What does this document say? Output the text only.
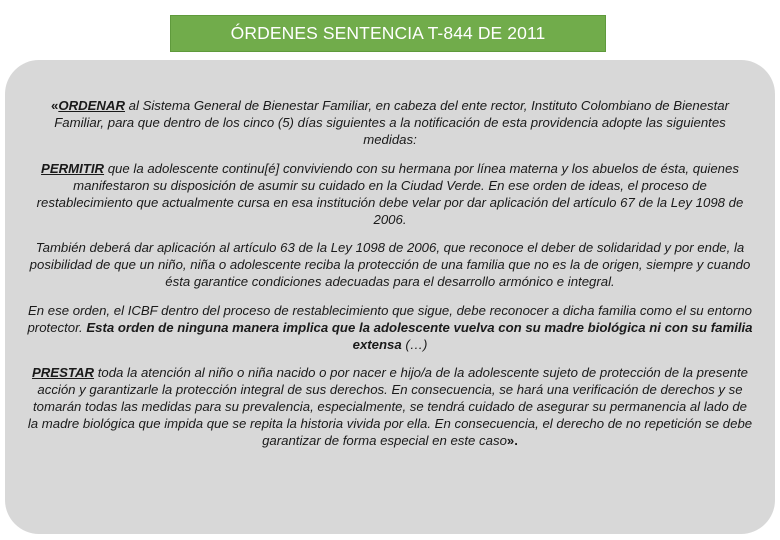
ÓRDENES SENTENCIA T-844 DE 2011

«ORDENAR al Sistema General de Bienestar Familiar, en cabeza del ente rector, Instituto Colombiano de Bienestar Familiar, para que dentro de los cinco (5) días siguientes a la notificación de esta providencia adopte las siguientes medidas:

PERMITIR que la adolescente continu[é] conviviendo con su hermana por línea materna y los abuelos de ésta, quienes manifestaron su disposición de asumir su cuidado en la Ciudad Verde. En ese orden de ideas, el proceso de restablecimiento que actualmente cursa en esa institución debe velar por dar aplicación del artículo 67 de la Ley 1098 de 2006.

También deberá dar aplicación al artículo 63 de la Ley 1098 de 2006, que reconoce el deber de solidaridad y por ende, la posibilidad de que un niño, niña o adolescente reciba la protección de una familia que no es la de origen, siempre y cuando ésta garantice condiciones adecuadas para el desarrollo armónico e integral.

En ese orden, el ICBF dentro del proceso de restablecimiento que sigue, debe reconocer a dicha familia como el su entorno protector. Esta orden de ninguna manera implica que la adolescente vuelva con su madre biológica ni con su familia extensa (…)

PRESTAR toda la atención al niño o niña nacido o por nacer e hijo/a de la adolescente sujeto de protección de la presente acción y garantizarle la protección integral de sus derechos. En consecuencia, se hará una verificación de derechos y se tomarán todas las medidas para su prevalencia, especialmente, se tendrá cuidado de asegurar su permanencia al lado de la madre biológica que impida que se repita la historia vivida por ella. En consecuencia, el derecho de no repetición se debe garantizar de forma especial en este caso».
